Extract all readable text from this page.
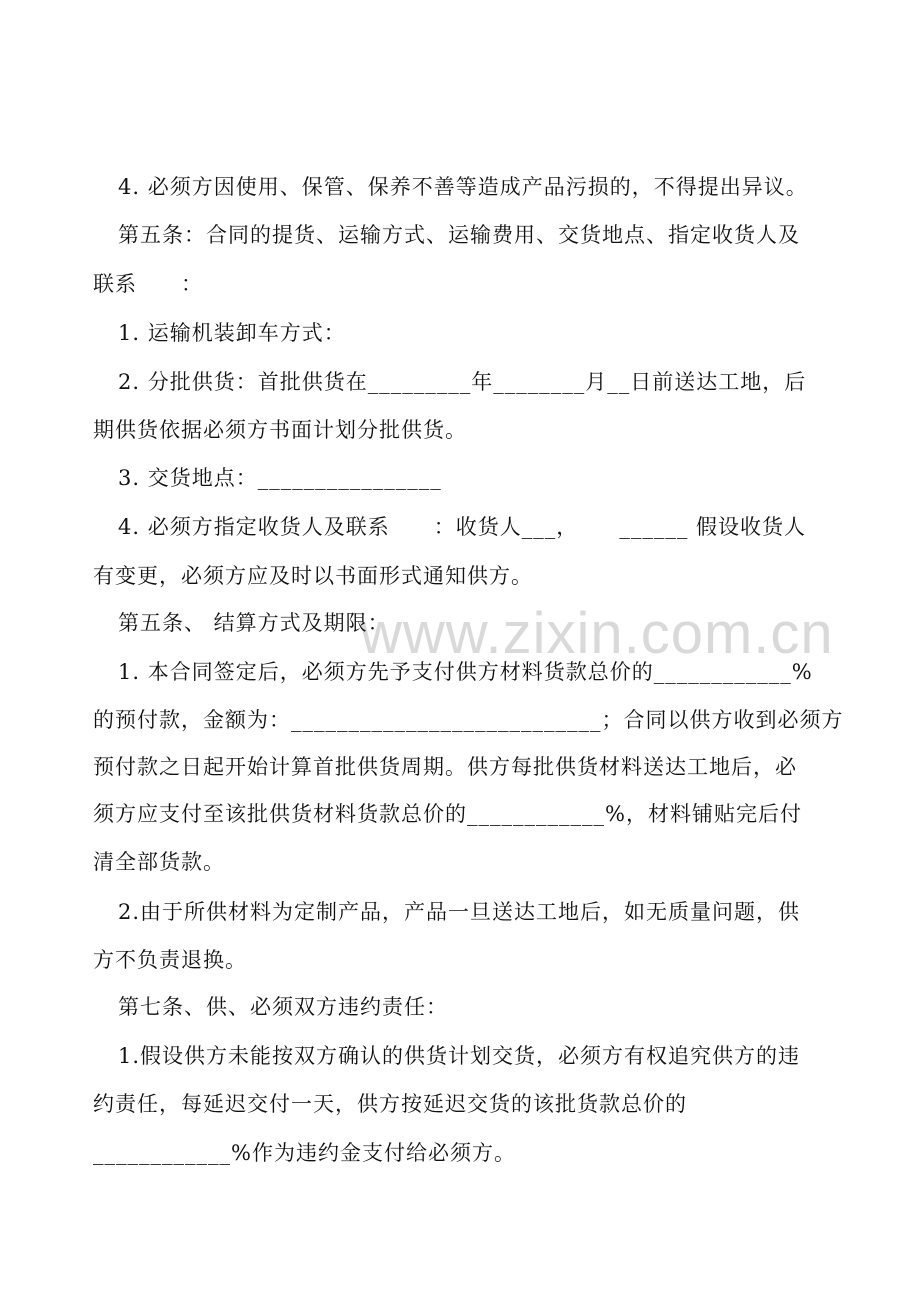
www.zixin.com.cn
4. 必须方因使用、保管、保养不善等造成产品污损的，不得提出异议。
第五条：合同的提货、运输方式、运输费用、交货地点、指定收货人及
联系　　：
1. 运输机装卸车方式：
2. 分批供货：首批供货在_________年________月__日前送达工地，后
期供货依据必须方书面计划分批供货。
3. 交货地点：________________
4. 必须方指定收货人及联系　　：收货人___，　　 ______ 假设收货人
有变更，必须方应及时以书面形式通知供方。
第五条、 结算方式及期限：
1. 本合同签定后，必须方先予支付供方材料货款总价的____________%
的预付款，金额为：___________________________；合同以供方收到必须方
预付款之日起开始计算首批供货周期。供方每批供货材料送达工地后，必
须方应支付至该批供货材料货款总价的____________%，材料铺贴完后付
清全部货款。
2.由于所供材料为定制产品，产品一旦送达工地后，如无质量问题，供
方不负责退换。
第七条、供、必须双方违约责任：
1.假设供方未能按双方确认的供货计划交货，必须方有权追究供方的违
约责任，每延迟交付一天，供方按延迟交货的该批货款总价的
____________%作为违约金支付给必须方。
